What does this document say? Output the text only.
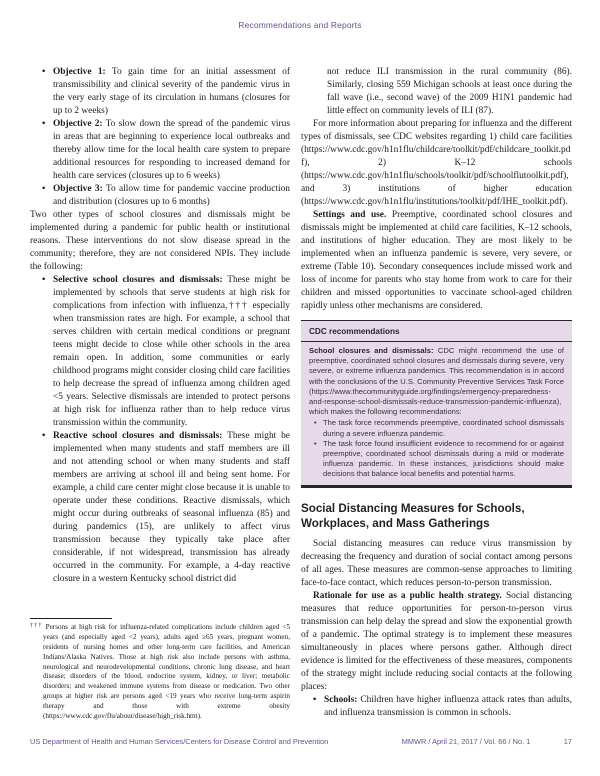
Recommendations and Reports
• Objective 1: To gain time for an initial assessment of transmissibility and clinical severity of the pandemic virus in the very early stage of its circulation in humans (closures for up to 2 weeks)
• Objective 2: To slow down the spread of the pandemic virus in areas that are beginning to experience local outbreaks and thereby allow time for the local health care system to prepare additional resources for responding to increased demand for health care services (closures up to 6 weeks)
• Objective 3: To allow time for pandemic vaccine production and distribution (closures up to 6 months)
Two other types of school closures and dismissals might be implemented during a pandemic for public health or institutional reasons. These interventions do not slow disease spread in the community; therefore, they are not considered NPIs. They include the following:
• Selective school closures and dismissals: These might be implemented by schools that serve students at high risk for complications from infection with influenza,††† especially when transmission rates are high. For example, a school that serves children with certain medical conditions or pregnant teens might decide to close while other schools in the area remain open. In addition, some communities or early childhood programs might consider closing child care facilities to help decrease the spread of influenza among children aged <5 years. Selective dismissals are intended to protect persons at high risk for influenza rather than to help reduce virus transmission within the community.
• Reactive school closures and dismissals: These might be implemented when many students and staff members are ill and not attending school or when many students and staff members are arriving at school ill and being sent home. For example, a child care center might close because it is unable to operate under these conditions. Reactive dismissals, which might occur during outbreaks of seasonal influenza (85) and during pandemics (15), are unlikely to affect virus transmission because they typically take place after considerable, if not widespread, transmission has already occurred in the community. For example, a 4-day reactive closure in a western Kentucky school district did
††† Persons at high risk for influenza-related complications include children aged <5 years (and especially aged <2 years), adults aged ≥65 years, pregnant women, residents of nursing homes and other long-term care facilities, and American Indians/Alaska Natives. Those at high risk also include persons with asthma, neurological and neurodevelopmental conditions, chronic lung disease, and heart disease; disorders of the blood, endocrine system, kidney, or liver; metabolic disorders; and weakened immune systems from disease or medication. Two other groups at higher risk are persons aged <19 years who receive long-term aspirin therapy and those with extreme obesity (https://www.cdc.gov/flu/about/disease/high_risk.htm).
not reduce ILI transmission in the rural community (86). Similarly, closing 559 Michigan schools at least once during the fall wave (i.e., second wave) of the 2009 H1N1 pandemic had little effect on community levels of ILI (87).
For more information about preparing for influenza and the different types of dismissals, see CDC websites regarding 1) child care facilities (https://www.cdc.gov/h1n1flu/childcare/toolkit/pdf/childcare_toolkit.pdf), 2) K–12 schools (https://www.cdc.gov/h1n1flu/schools/toolkit/pdf/schoolflutoolkit.pdf), and 3) institutions of higher education (https://www.cdc.gov/h1n1flu/institutions/toolkit/pdf/IHE_toolkit.pdf).
Settings and use. Preemptive, coordinated school closures and dismissals might be implemented at child care facilities, K–12 schools, and institutions of higher education. They are most likely to be implemented when an influenza pandemic is severe, very severe, or extreme (Table 10). Secondary consequences include missed work and loss of income for parents who stay home from work to care for their children and missed opportunities to vaccinate school-aged children rapidly unless other mechanisms are considered.
CDC recommendations
School closures and dismissals: CDC might recommend the use of preemptive, coordinated school closures and dismissals during severe, very severe, or extreme influenza pandemics. This recommendation is in accord with the conclusions of the U.S. Community Preventive Services Task Force (https://www.thecommunityguide.org/findings/emergency-preparedness-and-response-school-dismissals-reduce-transmission-pandemic-influenza), which makes the following recommendations:
• The task force recommends preemptive, coordinated school dismissals during a severe influenza pandemic.
• The task force found insufficient evidence to recommend for or against preemptive, coordinated school dismissals during a mild or moderate influenza pandemic. In these instances, jurisdictions should make decisions that balance local benefits and potential harms.
Social Distancing Measures for Schools, Workplaces, and Mass Gatherings
Social distancing measures can reduce virus transmission by decreasing the frequency and duration of social contact among persons of all ages. These measures are common-sense approaches to limiting face-to-face contact, which reduces person-to-person transmission.
Rationale for use as a public health strategy. Social distancing measures that reduce opportunities for person-to-person virus transmission can help delay the spread and slow the exponential growth of a pandemic. The optimal strategy is to implement these measures simultaneously in places where persons gather. Although direct evidence is limited for the effectiveness of these measures, components of the strategy might include reducing social contacts at the following places:
• Schools: Children have higher influenza attack rates than adults, and influenza transmission is common in schools.
US Department of Health and Human Services/Centers for Disease Control and Prevention	MMWR / April 21, 2017 / Vol. 66 / No. 1	17
